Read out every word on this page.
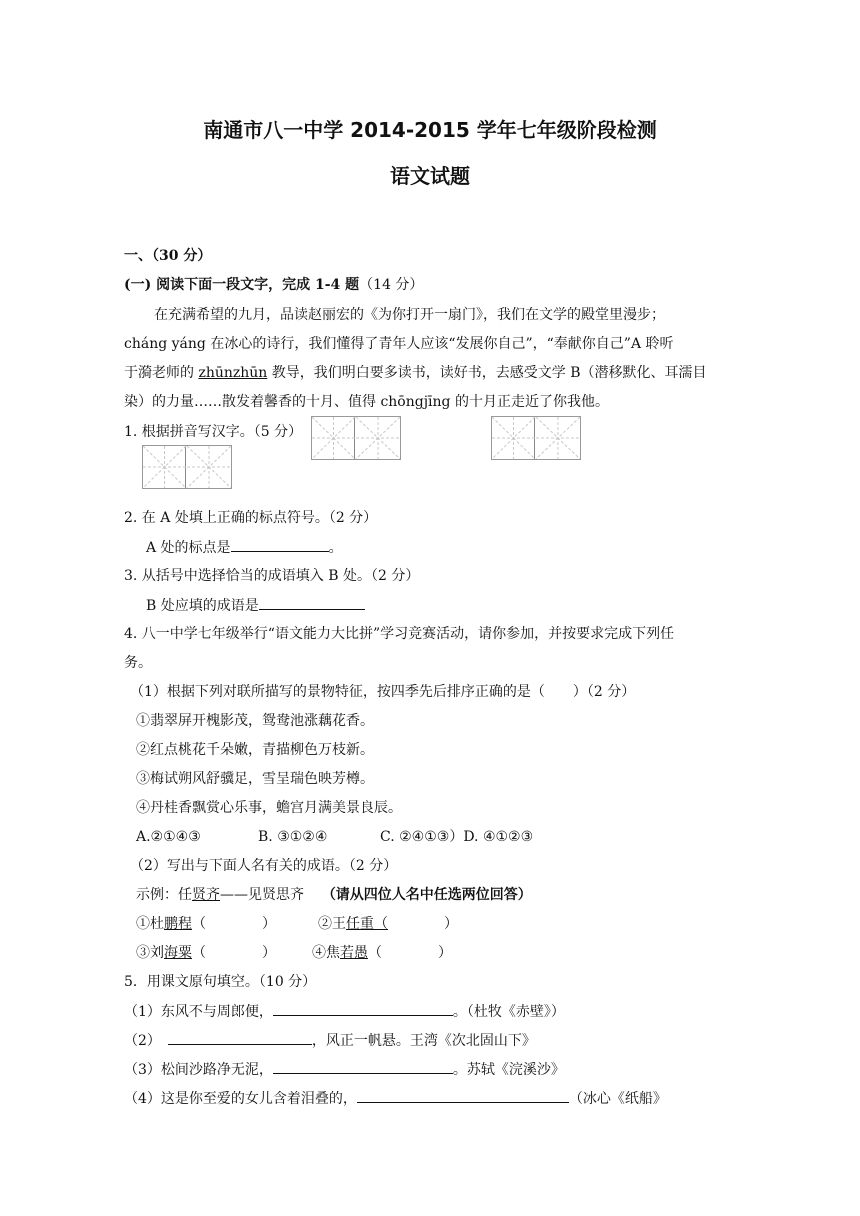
南通市八一中学 2014-2015 学年七年级阶段检测
语文试题
一、（30 分）
(一) 阅读下面一段文字，完成 1-4 题（14 分）
在充满希望的九月，品读赵丽宏的《为你打开一扇门》，我们在文学的殿堂里漫步；
cháng yáng 在冰心的诗行，我们懂得了青年人应该“发展你自己”，“奉献你自己”A 聆听
于漪老师的 zhūnzhūn 教导，我们明白要多读书，读好书，去感受文学 B（潜移默化、耳濡目
染）的力量……散发着馨香的十月、值得 chōngjīng 的十月正走近了你我他。
1. 根据拼音写汉字。（5 分）
2. 在 A 处填上正确的标点符号。（2 分）
A 处的标点是	。
3. 从括号中选择恰当的成语填入 B 处。（2 分）
B 处应填的成语是
4. 八一中学七年级举行“语文能力大比拼”学习竞赛活动，请你参加，并按要求完成下列任
务。
（1）根据下列对联所描写的景物特征，按四季先后排序正确的是（　　）（2 分）
①翡翠屏开槐影茂，鸳鸯池涨藕花香。
②红点桃花千朵嫩，青描柳色万枝新。
③梅试朔风舒骥足，雪呈瑞色映芳樽。
④丹桂香飘赏心乐事，蟾宫月满美景良辰。
A.②①④③	B. ③①②④	C. ②④①③）D. ④①②③
（2）写出与下面人名有关的成语。（2 分）
示例：任贤齐——见贤思齐 （请从四位人名中任选两位回答）
①杜鹏程（　　　　）	②王任重（　　　　）
③刘海粟（　　　　）	④焦若愚（　　　　）
5．用课文原句填空。（10 分）
（1）东风不与周郎便，	。（杜牧《赤壁》）
（2）　	，风正一帆悬。王湾《次北固山下》
（3）松间沙路净无泥，	。苏轼《浣溪沙》
（4）这是你至爱的女儿含着泪叠的，	（冰心《纸船》
